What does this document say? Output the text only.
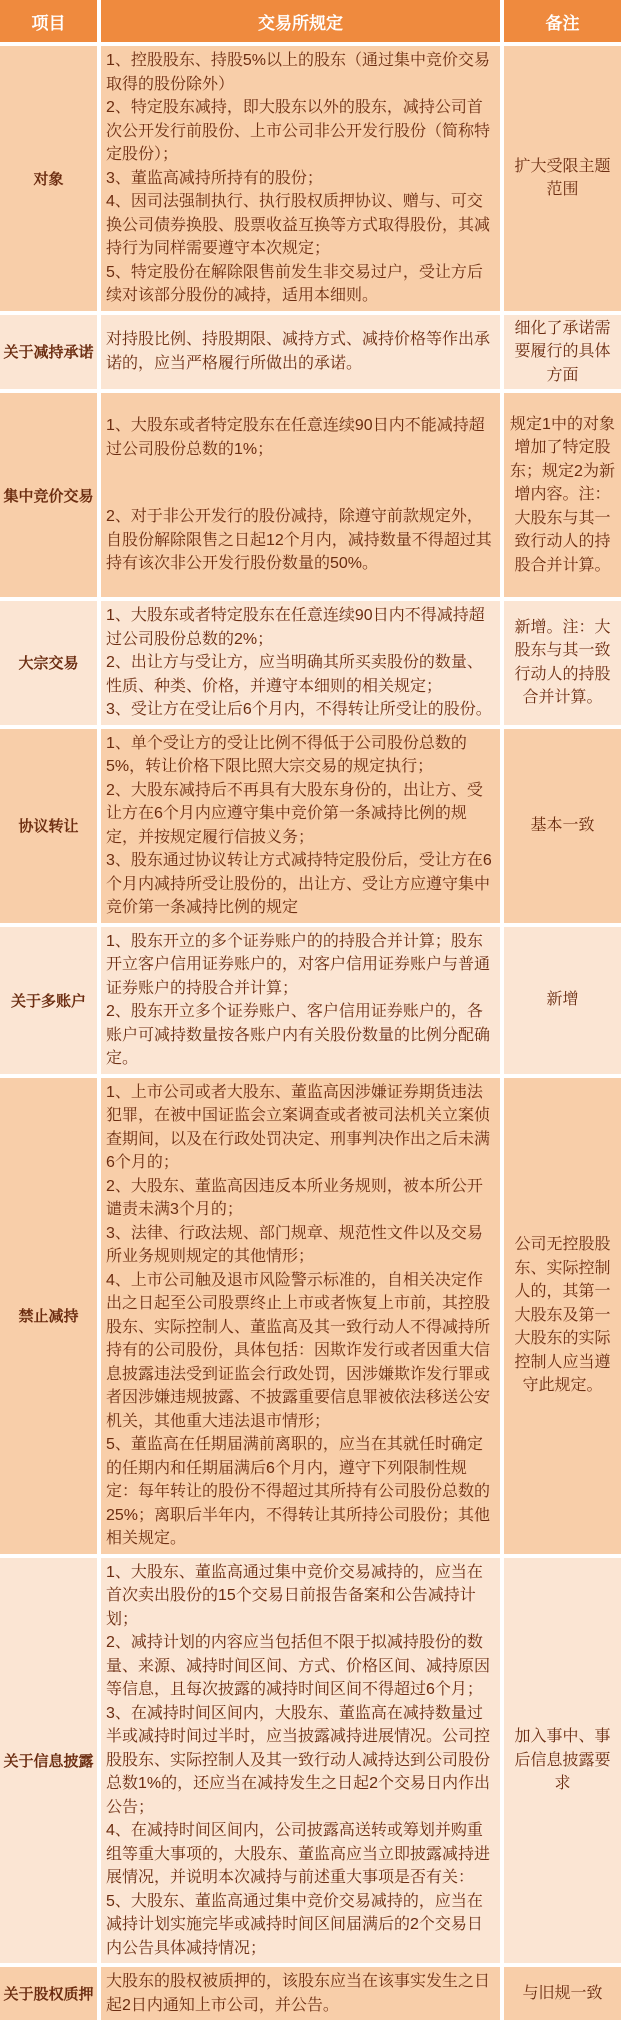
项目	交易所规定	备注
对象

1、控股股东、持股5%以上的股东（通过集中竞价交易取得的股份除外）

2、特定股东减持，即大股东以外的股东，减持公司首次公开发行前股份、上市公司非公开发行股份（简称特定股份）；

3、董监高减持所持有的股份；

4、因司法强制执行、执行股权质押协议、赠与、可交换公司债券换股、股票收益互换等方式取得股份，其减持行为同样需要遵守本次规定；

5、特定股份在解除限售前发生非交易过户，受让方后续对该部分股份的减持，适用本细则。

扩大受限主题范围
关于减持承诺

对持股比例、持股期限、减持方式、减持价格等作出承诺的，应当严格履行所做出的承诺。

细化了承诺需要履行的具体方面
集中竞价交易

1、大股东或者特定股东在任意连续90日内不能减持超过公司股份总数的1%；

2、对于非公开发行的股份减持，除遵守前款规定外，自股份解除限售之日起12个月内，减持数量不得超过其持有该次非公开发行股份数量的50%。

规定1中的对象增加了特定股东；规定2为新增内容。注：大股东与其一致行动人的持股合并计算。
大宗交易

1、大股东或者特定股东在任意连续90日内不得减持超过公司股份总数的2%；

2、出让方与受让方，应当明确其所买卖股份的数量、性质、种类、价格，并遵守本细则的相关规定；

3、受让方在受让后6个月内，不得转让所受让的股份。

新增。注：大股东与其一致行动人的持股合并计算。
协议转让

1、单个受让方的受让比例不得低于公司股份总数的5%，转让价格下限比照大宗交易的规定执行；

2、大股东减持后不再具有大股东身份的，出让方、受让方在6个月内应遵守集中竞价第一条减持比例的规定，并按规定履行信披义务；

3、股东通过协议转让方式减持特定股份后，受让方在6个月内减持所受让股份的，出让方、受让方应遵守集中竞价第一条减持比例的规定

基本一致
关于多账户

1、股东开立的多个证券账户的的持股合并计算；股东开立客户信用证券账户的，对客户信用证券账户与普通证券账户的持股合并计算；

2、股东开立多个证券账户、客户信用证券账户的，各账户可减持数量按各账户内有关股份数量的比例分配确定。

新增
禁止减持

1、上市公司或者大股东、董监高因涉嫌证券期货违法犯罪，在被中国证监会立案调查或者被司法机关立案侦查期间，以及在行政处罚决定、刑事判决作出之后未满6个月的；

2、大股东、董监高因违反本所业务规则，被本所公开谴责未满3个月的；

3、法律、行政法规、部门规章、规范性文件以及交易所业务规则规定的其他情形；

4、上市公司触及退市风险警示标准的，自相关决定作出之日起至公司股票终止上市或者恢复上市前，其控股股东、实际控制人、董监高及其一致行动人不得减持所持有的公司股份，具体包括：因欺诈发行或者因重大信息披露违法受到证监会行政处罚，因涉嫌欺诈发行罪或者因涉嫌违规披露、不披露重要信息罪被依法移送公安机关，其他重大违法退市情形；

5、董监高在任期届满前离职的，应当在其就任时确定的任期内和任期届满后6个月内，遵守下列限制性规定：每年转让的股份不得超过其所持有公司股份总数的25%；离职后半年内，不得转让其所持公司股份；其他相关规定。

公司无控股股东、实际控制人的，其第一大股东及第一大股东的实际控制人应当遵守此规定。
关于信息披露

1、大股东、董监高通过集中竞价交易减持的，应当在首次卖出股份的15个交易日前报告备案和公告减持计划；

2、减持计划的内容应当包括但不限于拟减持股份的数量、来源、减持时间区间、方式、价格区间、减持原因等信息，且每次披露的减持时间区间不得超过6个月；

3、在减持时间区间内，大股东、董监高在减持数量过半或减持时间过半时，应当披露减持进展情况。公司控股股东、实际控制人及其一致行动人减持达到公司股份总数1%的，还应当在减持发生之日起2个交易日内作出公告；

4、在减持时间区间内，公司披露高送转或筹划并购重组等重大事项的，大股东、董监高应当立即披露减持进展情况，并说明本次减持与前述重大事项是否有关：

5、大股东、董监高通过集中竞价交易减持的，应当在减持计划实施完毕或减持时间区间届满后的2个交易日内公告具体减持情况；

加入事中、事后信息披露要求
关于股权质押

大股东的股权被质押的，该股东应当在该事实发生之日起2日内通知上市公司，并公告。

与旧规一致
